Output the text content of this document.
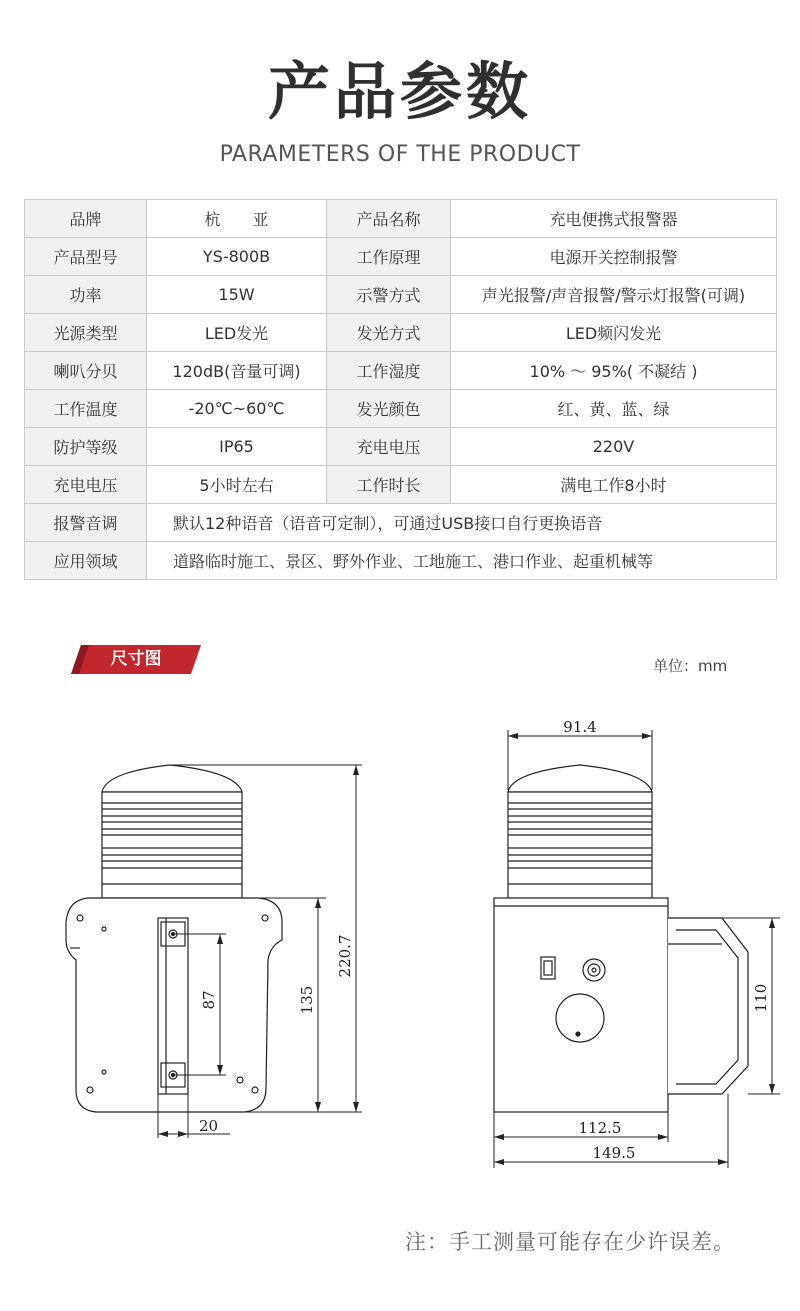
产品参数
PARAMETERS OF THE PRODUCT
品牌	杭　　亚	产品名称	充电便携式报警器
产品型号	YS-800B	工作原理	电源开关控制报警
功率	15W	示警方式	声光报警/声音报警/警示灯报警(可调)
光源类型	LED发光	发光方式	LED频闪发光
喇叭分贝	120dB(音量可调)	工作湿度	10% ～ 95%( 不凝结 )
工作温度	-20℃~60℃	发光颜色	红、黄、蓝、绿
防护等级	IP65	充电电压	220V
充电电压	5小时左右	工作时长	满电工作8小时
报警音调	默认12种语音（语音可定制），可通过USB接口自行更换语音		
应用领域	道路临时施工、景区、野外作业、工地施工、港口作业、起重机械等		
尺寸图	单位：mm
87	135
220.7
20
91.4
110
112.5
149.5
注：手工测量可能存在少许误差。
